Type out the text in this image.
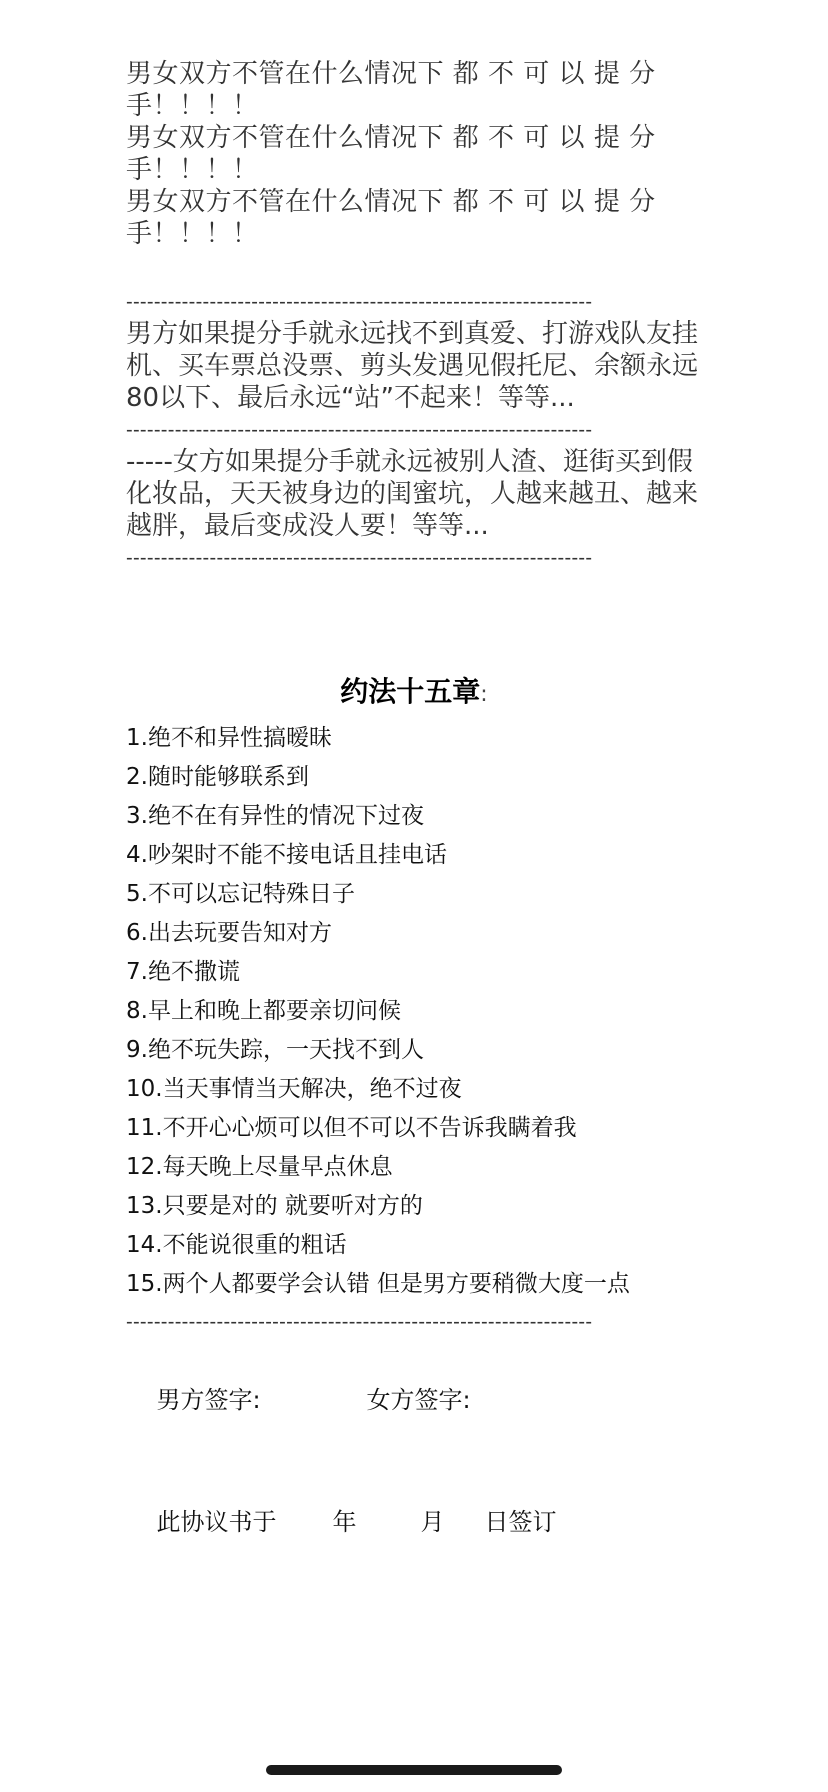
男女双方不管在什么情况下 都 不 可 以 提 分手！！！！
男女双方不管在什么情况下 都 不 可 以 提 分手！！！！
男女双方不管在什么情况下 都 不 可 以 提 分手！！！！
-------------------------------------------------------------------
男方如果提分手就永远找不到真爱、打游戏队友挂机、买车票总没票、剪头发遇见假托尼、余额永远80以下、最后永远“站”不起来！等等...
-------------------------------------------------------------------
-----女方如果提分手就永远被别人渣、逛街买到假化妆品，天天被身边的闺蜜坑，人越来越丑、越来越胖，最后变成没人要！等等...
-------------------------------------------------------------------
约法十五章:
1.绝不和异性搞暧昧
2.随时能够联系到
3.绝不在有异性的情况下过夜
4.吵架时不能不接电话且挂电话
5.不可以忘记特殊日子
6.出去玩要告知对方
7.绝不撒谎
8.早上和晚上都要亲切问候
9.绝不玩失踪，一天找不到人
10.当天事情当天解决，绝不过夜
11.不开心心烦可以但不可以不告诉我瞒着我
12.每天晚上尽量早点休息
13.只要是对的 就要听对方的
14.不能说很重的粗话
15.两个人都要学会认错 但是男方要稍微大度一点
-------------------------------------------------------------------

男方签字:	女方签字:

此协议书于 年	月 日签订
